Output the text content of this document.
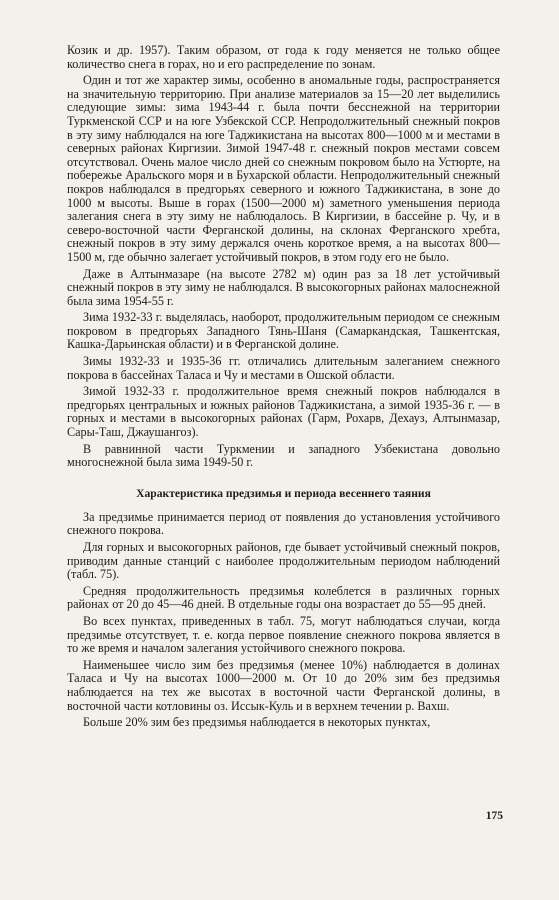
Козик и др. 1957). Таким образом, от года к году меняется не только общее количество снега в горах, но и его распределение по зонам.

Один и тот же характер зимы, особенно в аномальные годы, распространяется на значительную территорию. При анализе материалов за 15—20 лет выделились следующие зимы: зима 1943-44 г. была почти бесснежной на территории Туркменской ССР и на юге Узбекской ССР. Непродолжительный снежный покров в эту зиму наблюдался на юге Таджикистана на высотах 800—1000 м и местами в северных районах Киргизии. Зимой 1947-48 г. снежный покров местами совсем отсутствовал. Очень малое число дней со снежным покровом было на Устюрте, на побережье Аральского моря и в Бухарской области. Непродолжительный снежный покров наблюдался в предгорьях северного и южного Таджикистана, в зоне до 1000 м высоты. Выше в горах (1500—2000 м) заметного уменьшения периода залегания снега в эту зиму не наблюдалось. В Киргизии, в бассейне р. Чу, и в северо-восточной части Ферганской долины, на склонах Ферганского хребта, снежный покров в эту зиму держался очень короткое время, а на высотах 800—1500 м, где обычно залегает устойчивый покров, в этом году его не было.

Даже в Алтынмазаре (на высоте 2782 м) один раз за 18 лет устойчивый снежный покров в эту зиму не наблюдался. В высокогорных районах малоснежной была зима 1954-55 г.

Зима 1932-33 г. выделялась, наоборот, продолжительным периодом се снежным покровом в предгорьях Западного Тянь-Шаня (Самаркандская, Ташкентская, Кашка-Дарьинская области) и в Ферганской долине.

Зимы 1932-33 и 1935-36 гг. отличались длительным залеганием снежного покрова в бассейнах Таласа и Чу и местами в Ошской области.

Зимой 1932-33 г. продолжительное время снежный покров наблюдался в предгорьях центральных и южных районов Таджикистана, а зимой 1935-36 г. — в горных и местами в высокогорных районах (Гарм, Рохарв, Дехауз, Алтынмазар, Сары-Таш, Джаушангоз).

В равнинной части Туркмении и западного Узбекистана довольно многоснежной была зима 1949-50 г.

Характеристика предзимья и периода весеннего таяния

За предзимье принимается период от появления до установления устойчивого снежного покрова.

Для горных и высокогорных районов, где бывает устойчивый снежный покров, приводим данные станций с наиболее продолжительным периодом наблюдений (табл. 75).

Средняя продолжительность предзимья колеблется в различных горных районах от 20 до 45—46 дней. В отдельные годы она возрастает до 55—95 дней.

Во всех пунктах, приведенных в табл. 75, могут наблюдаться случаи, когда предзимье отсутствует, т. е. когда первое появление снежного покрова является в то же время и началом залегания устойчивого снежного покрова.

Наименьшее число зим без предзимья (менее 10%) наблюдается в долинах Таласа и Чу на высотах 1000—2000 м. От 10 до 20% зим без предзимья наблюдается на тех же высотах в восточной части Ферганской долины, в восточной части котловины оз. Иссык-Куль и в верхнем течении р. Вахш.

Больше 20% зим без предзимья наблюдается в некоторых пунктах,

175
